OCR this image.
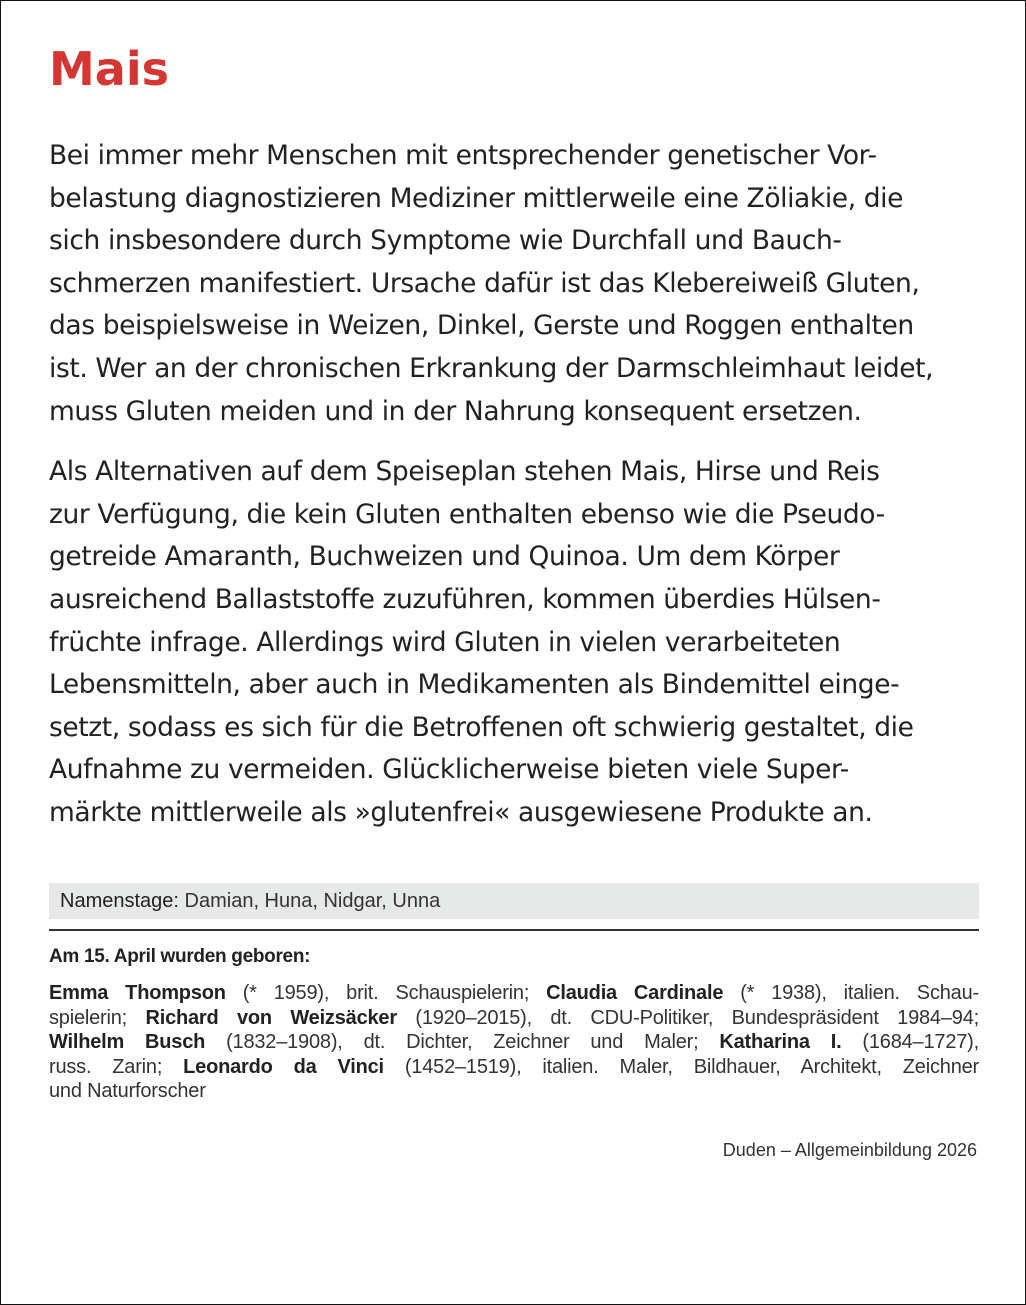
Mais

Bei immer mehr Menschen mit entsprechender genetischer Vor-
belastung diagnostizieren Mediziner mittlerweile eine Zöliakie, die
sich insbesondere durch Symptome wie Durchfall und Bauch-
schmerzen manifestiert. Ursache dafür ist das Klebereiweiß Gluten,
das beispielsweise in Weizen, Dinkel, Gerste und Roggen enthalten
ist. Wer an der chronischen Erkrankung der Darmschleimhaut leidet,
muss Gluten meiden und in der Nahrung konsequent ersetzen.

Als Alternativen auf dem Speiseplan stehen Mais, Hirse und Reis
zur Verfügung, die kein Gluten enthalten ebenso wie die Pseudo-
getreide Amaranth, Buchweizen und Quinoa. Um dem Körper
ausreichend Ballaststoffe zuzuführen, kommen überdies Hülsen-
früchte infrage. Allerdings wird Gluten in vielen verarbeiteten
Lebensmitteln, aber auch in Medikamenten als Bindemittel einge-
setzt, sodass es sich für die Betroffenen oft schwierig gestaltet, die
Aufnahme zu vermeiden. Glücklicherweise bieten viele Super-
märkte mittlerweile als »glutenfrei« ausgewiesene Produkte an.

Namenstage: Damian, Huna, Nidgar, Unna
Am 15. April wurden geboren:
Emma Thompson (* 1959), brit. Schauspielerin; Claudia Cardinale (* 1938), italien. Schau-
spielerin; Richard von Weizsäcker (1920–2015), dt. CDU-Politiker, Bundespräsident 1984–94;
Wilhelm Busch (1832–1908), dt. Dichter, Zeichner und Maler; Katharina I. (1684–1727),
russ. Zarin; Leonardo da Vinci (1452–1519), italien. Maler, Bildhauer, Architekt, Zeichner
und Naturforscher
Duden – Allgemeinbildung 2026
